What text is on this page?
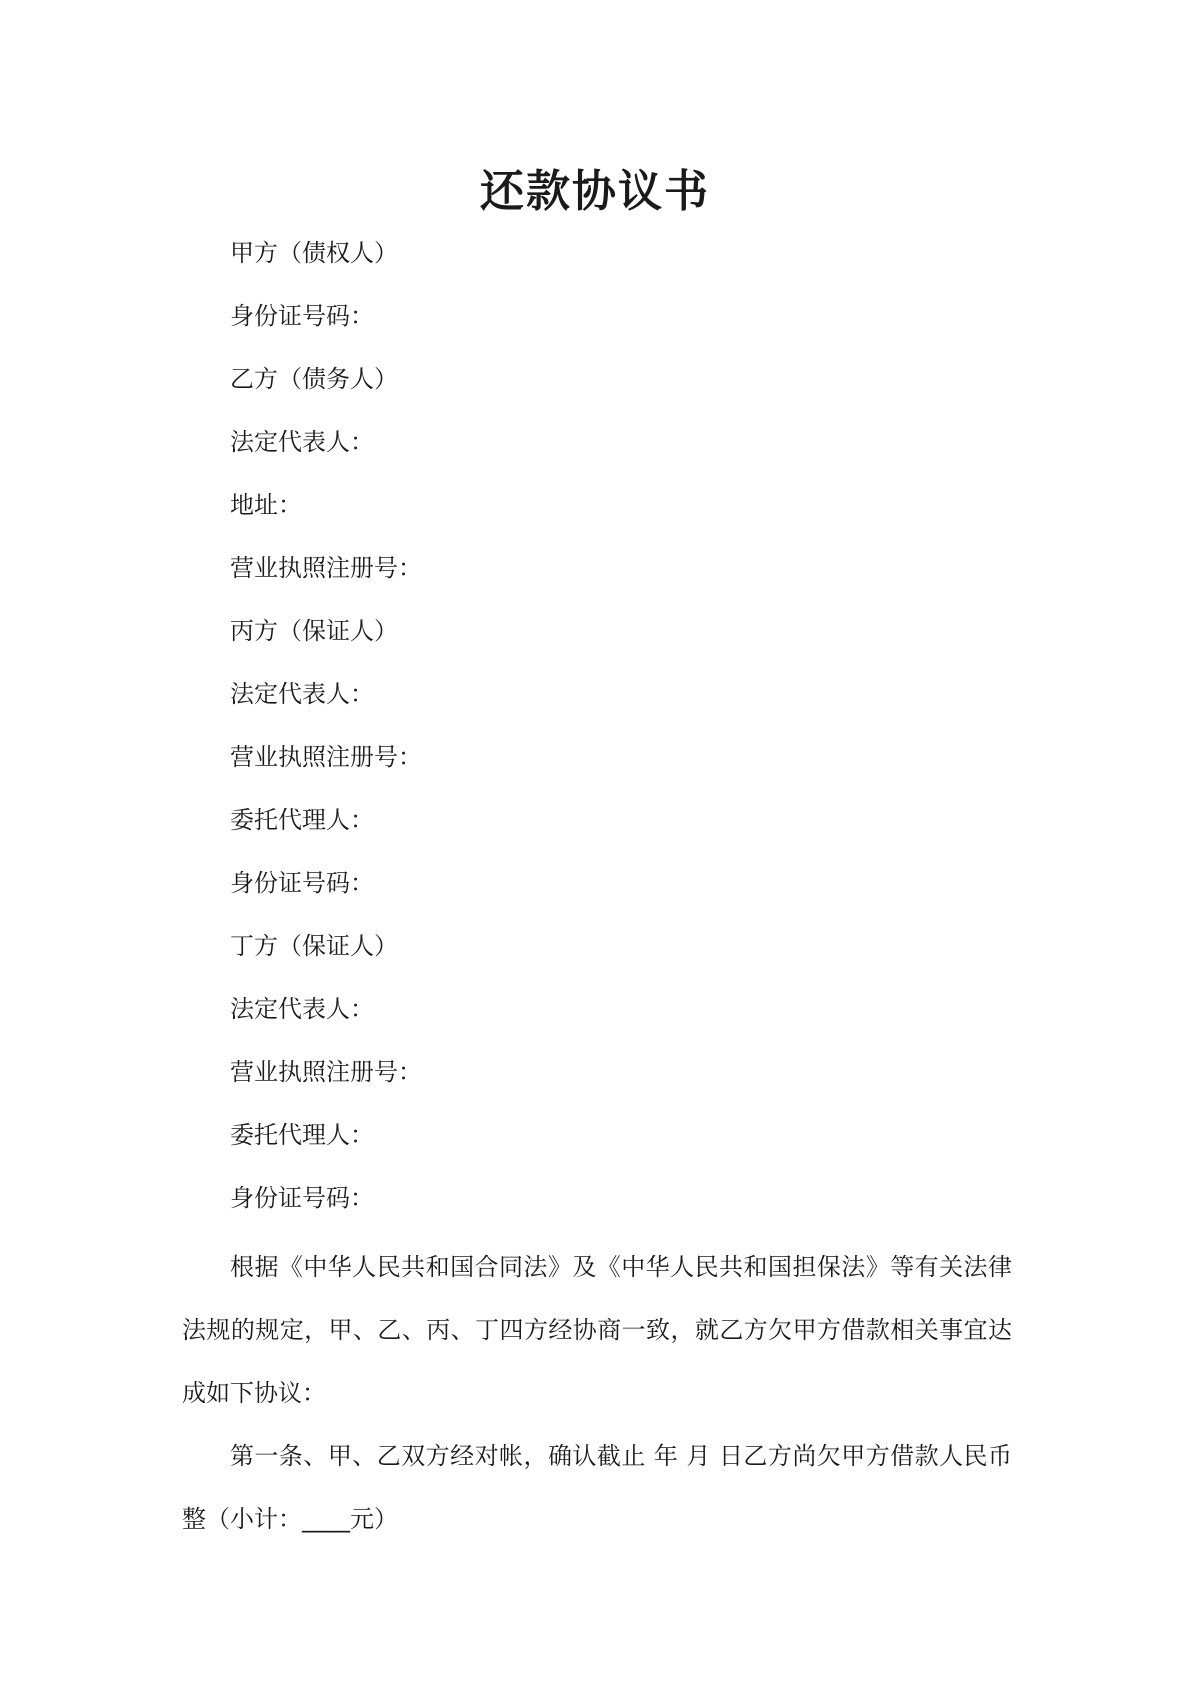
还款协议书
甲方（债权人）
身份证号码：
乙方（债务人）
法定代表人：
地址：
营业执照注册号：
丙方（保证人）
法定代表人：
营业执照注册号：
委托代理人：
身份证号码：
丁方（保证人）
法定代表人：
营业执照注册号：
委托代理人：
身份证号码：

根据《中华人民共和国合同法》及《中华人民共和国担保法》等有关法律法规的规定，甲、乙、丙、丁四方经协商一致，就乙方欠甲方借款相关事宜达成如下协议：

第一条、甲、乙双方经对帐，确认截止 年 月 日乙方尚欠甲方借款人民币整（小计：____元）
